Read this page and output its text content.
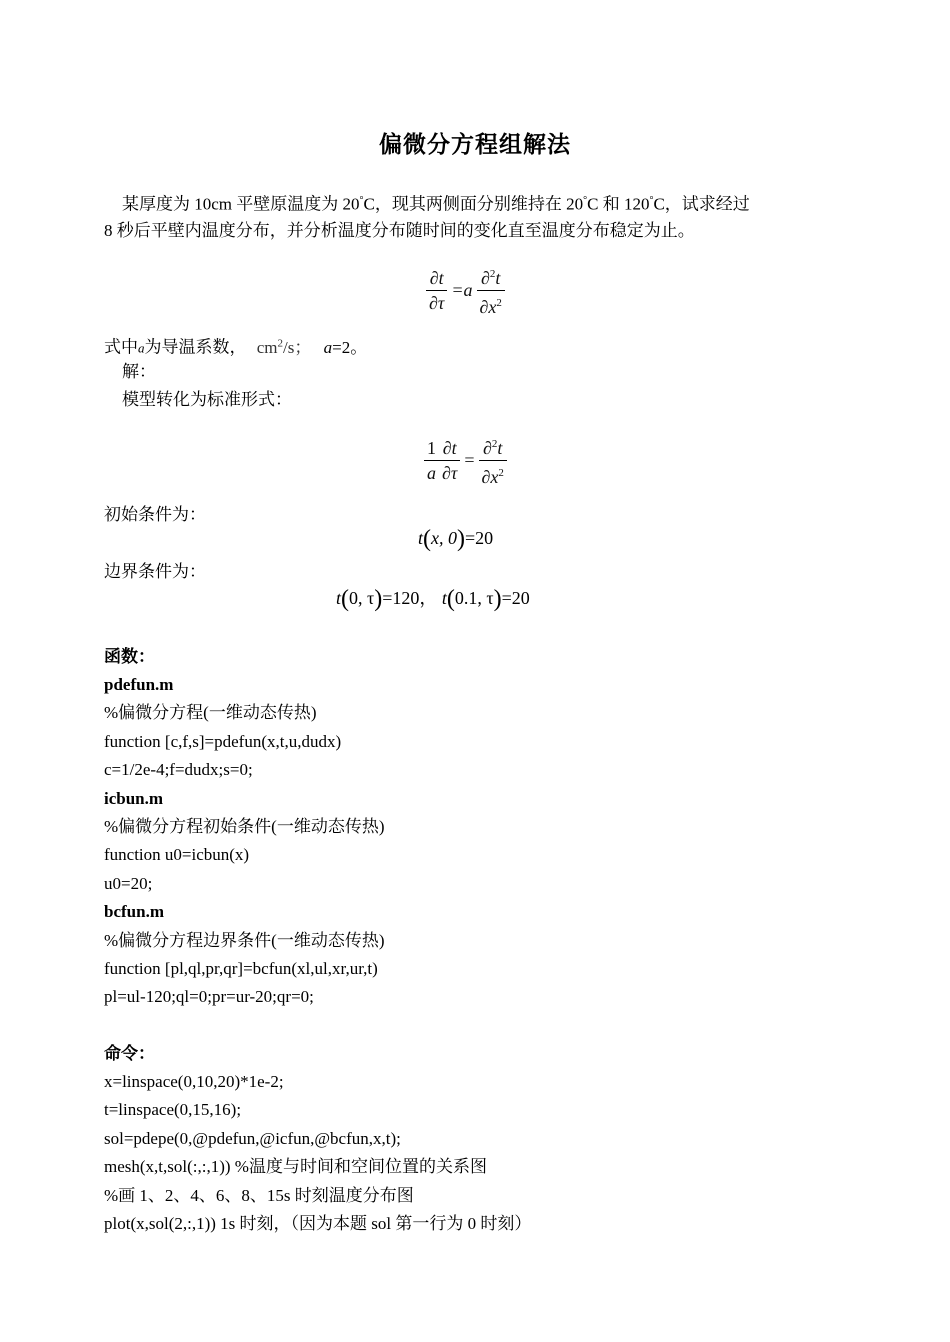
偏微分方程组解法
某厚度为 10cm 平壁原温度为 20°C，现其两侧面分别维持在 20°C 和 120°C，试求经过
8 秒后平壁内温度分布，并分析温度分布随时间的变化直至温度分布稳定为止。
$\frac{\partial t}{\partial\tau} =a \frac{\partial^2t}{\partial x^2}$
式中a为导温系数， $cm^2/s$； a=2。
解：
模型转化为标准形式：
$\frac{1}{a} \frac{\partial t}{\partial\tau} = \frac{\partial^2t}{\partial x^2}$
初始条件为：
t(x, 0)=20
边界条件为：
t(0, τ)=120， t(0.1, τ)=20
函数：
pdefun.m
%偏微分方程(一维动态传热)
function [c,f,s]=pdefun(x,t,u,dudx)
c=1/2e-4;f=dudx;s=0;
icbun.m
%偏微分方程初始条件(一维动态传热)
function u0=icbun(x)
u0=20;
bcfun.m
%偏微分方程边界条件(一维动态传热)
function [pl,ql,pr,qr]=bcfun(xl,ul,xr,ur,t)
pl=ul-120;ql=0;pr=ur-20;qr=0;
命令：
x=linspace(0,10,20)*1e-2;
t=linspace(0,15,16);
sol=pdepe(0,@pdefun,@icfun,@bcfun,x,t);
mesh(x,t,sol(:,:,1)) %温度与时间和空间位置的关系图
%画 1、2、4、6、8、15s 时刻温度分布图
plot(x,sol(2,:,1)) 1s 时刻，（因为本题 sol 第一行为 0 时刻）
